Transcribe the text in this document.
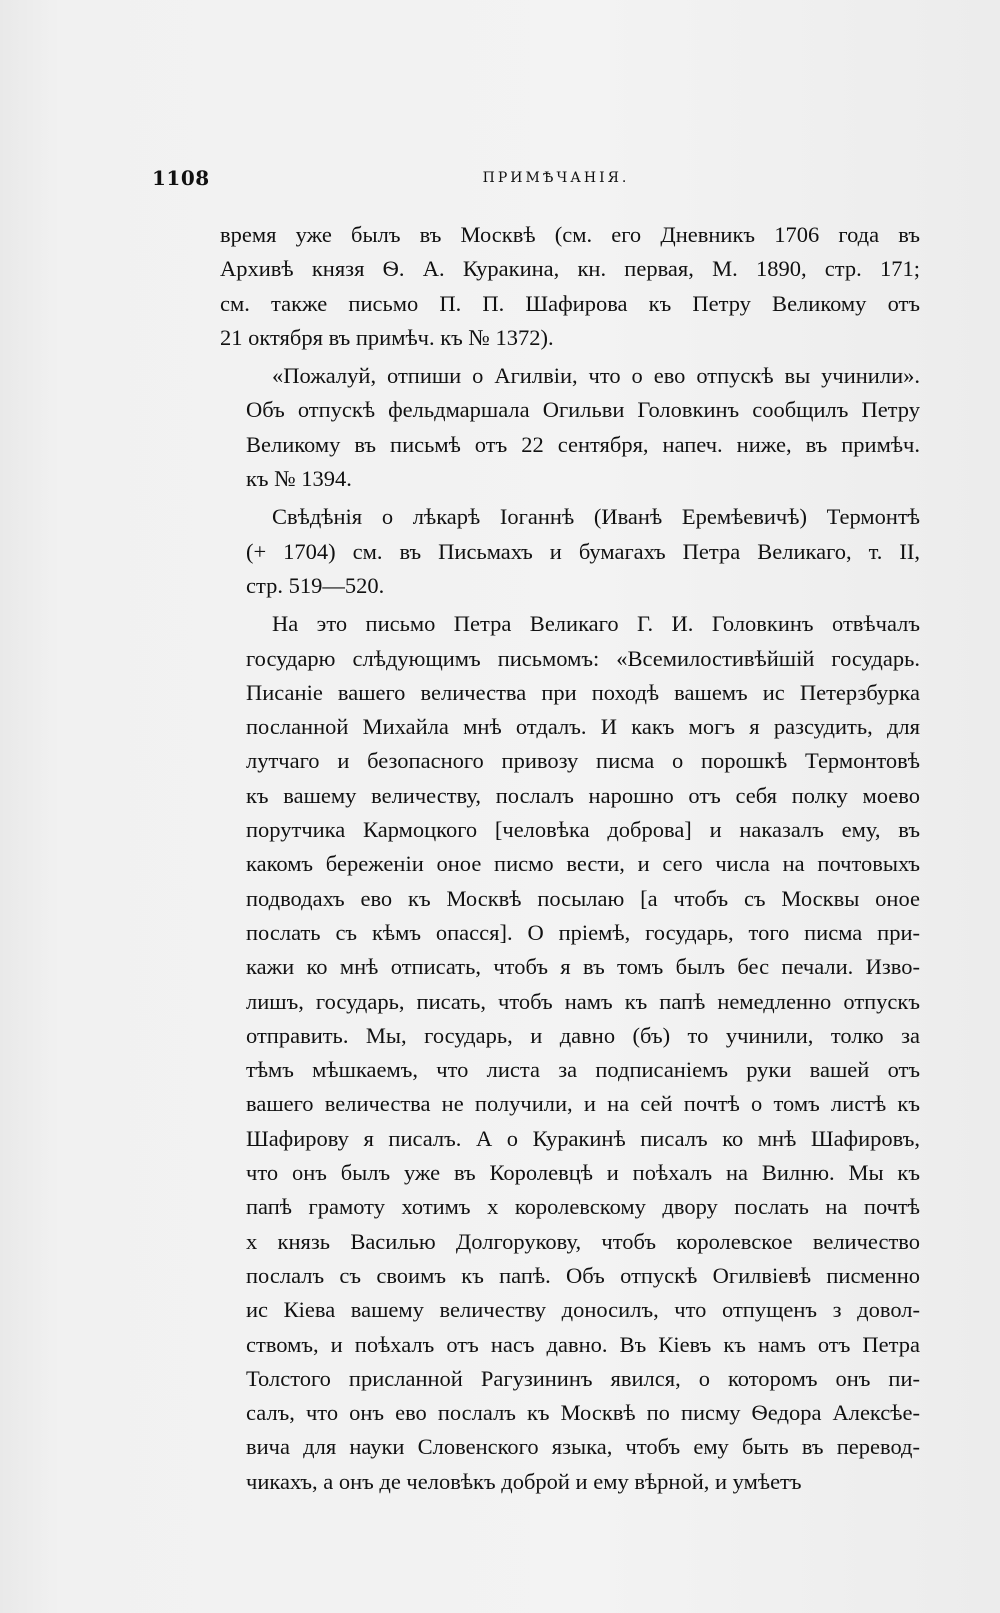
1108	ПРИМѢЧАНІЯ.

время уже былъ въ Москвѣ (см. его Дневникъ 1706 года въ
Архивѣ князя Ѳ. А. Куракина, кн. первая, М. 1890, стр. 171;
см. также письмо П. П. Шафирова къ Петру Великому отъ
21 октября въ примѣч. къ № 1372).

«Пожалуй, отпиши о Агилвіи, что о ево отпускѣ вы учинили».
Объ отпускѣ фельдмаршала Огильви Головкинъ сообщилъ Петру
Великому въ письмѣ отъ 22 сентября, напеч. ниже, въ примѣч.
къ № 1394.

Свѣдѣнія о лѣкарѣ Іоганнѣ (Иванѣ Еремѣевичѣ) Термонтѣ
(+ 1704) см. въ Письмахъ и бумагахъ Петра Великаго, т. II,
стр. 519—520.

На это письмо Петра Великаго Г. И. Головкинъ отвѣчалъ
государю слѣдующимъ письмомъ: «Всемилостивѣйшій государь.
Писаніе вашего величества при походѣ вашемъ ис Петерзбурка
посланной Михайла мнѣ отдалъ. И какъ могъ я разсудить, для
лутчаго и безопасного привозу писма о порошкѣ Термонтовѣ
къ вашему величеству, послалъ нарошно отъ себя полку моево
порутчика Кармоцкого [человѣка доброва] и наказалъ ему, въ
какомъ береженіи оное писмо вести, и сего числа на почтовыхъ
подводахъ ево къ Москвѣ посылаю [а чтобъ съ Москвы оное
послать съ кѣмъ опасся]. О пріемѣ, государь, того писма при-
кажи ко мнѣ отписать, чтобъ я въ томъ былъ бес печали. Изво-
лишъ, государь, писать, чтобъ намъ къ папѣ немедленно отпускъ
отправить. Мы, государь, и давно (бъ) то учинили, толко за
тѣмъ мѣшкаемъ, что листа за подписаніемъ руки вашей отъ
вашего величества не получили, и на сей почтѣ о томъ листѣ къ
Шафирову я писалъ. А о Куракинѣ писалъ ко мнѣ Шафировъ,
что онъ былъ уже въ Королевцѣ и поѣхалъ на Вилню. Мы къ
папѣ грамоту хотимъ х королевскому двору послать на почтѣ
х князь Василью Долгорукову, чтобъ королевское величество
послалъ съ своимъ къ папѣ. Объ отпускѣ Огилвіевѣ писменно
ис Кіева вашему величеству доносилъ, что отпущенъ з довол-
ствомъ, и поѣхалъ отъ насъ давно. Въ Кіевъ къ намъ отъ Петра
Толстого присланной Рагузининъ явился, о которомъ онъ пи-
салъ, что онъ ево послалъ къ Москвѣ по писму Ѳедора Алексѣе-
вича для науки Словенского языка, чтобъ ему быть въ перевод-
чикахъ, а онъ де человѣкъ доброй и ему вѣрной, и умѣетъ
